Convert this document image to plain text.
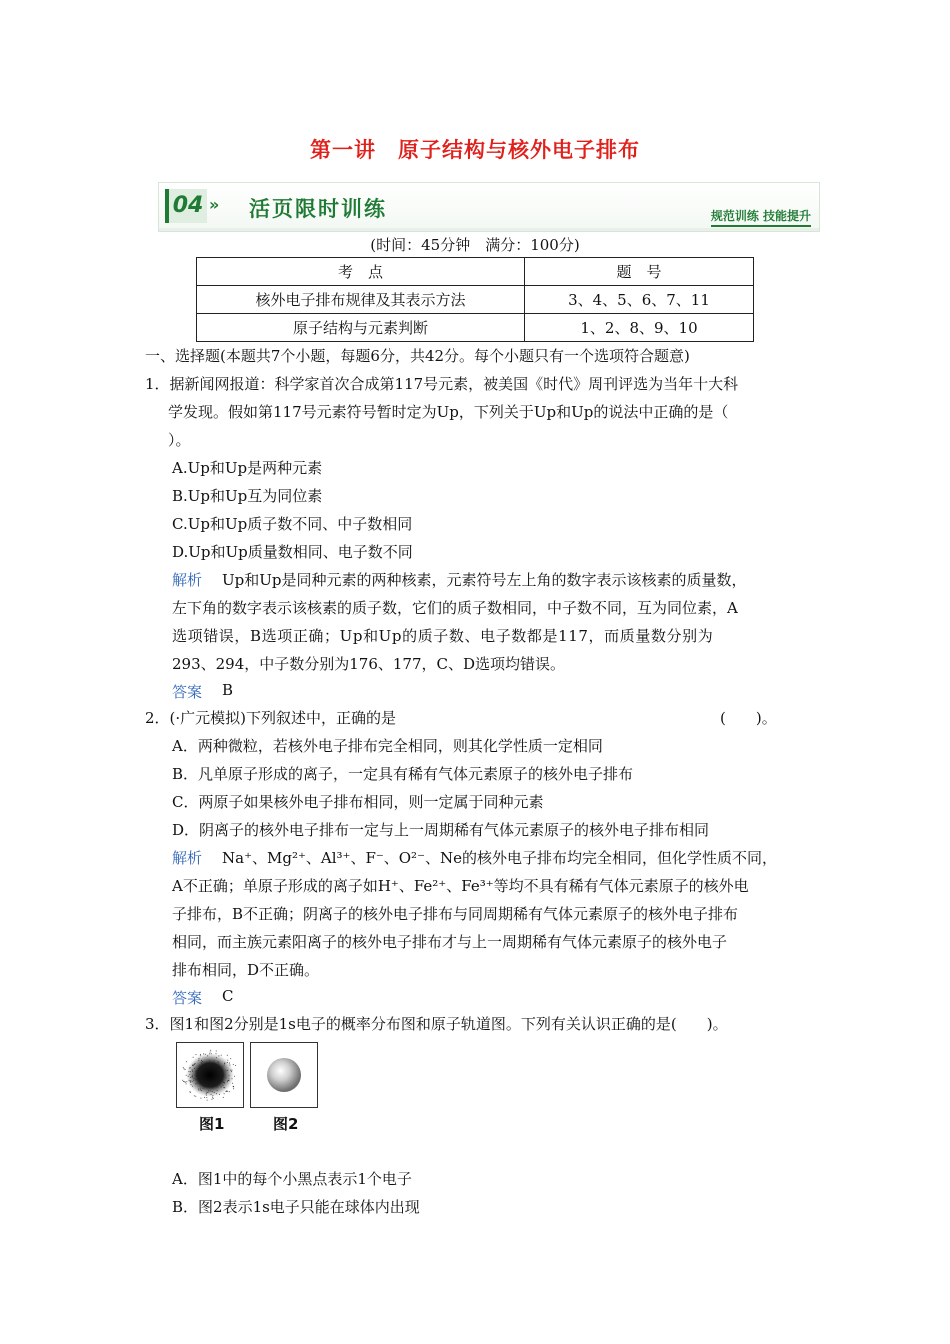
第一讲　原子结构与核外电子排布
04 » 活页限时训练	规范训练 技能提升
(时间：45分钟　满分：100分)
考　点	题　号
核外电子排布规律及其表示方法	3、4、5、6、7、11
原子结构与元素判断	1、2、8、9、10
一、选择题(本题共7个小题，每题6分，共42分。每个小题只有一个选项符合题意)
1．据新闻网报道：科学家首次合成第117号元素，被美国《时代》周刊评选为当年十大科
学发现。假如第117号元素符号暂时定为Up，下列关于Up和Up的说法中正确的是（
）。
A.Up和Up是两种元素
B.Up和Up互为同位素
C.Up和Up质子数不同、中子数相同
D.Up和Up质量数相同、电子数不同
解析 Up和Up是同种元素的两种核素，元素符号左上角的数字表示该核素的质量数，
左下角的数字表示该核素的质子数，它们的质子数相同，中子数不同，互为同位素，A
选项错误，B选项正确；Up和Up的质子数、电子数都是117，而质量数分别为
293、294，中子数分别为176、177，C、D选项均错误。
答案 B
2．(·广元模拟)下列叙述中，正确的是	(　　)。
A．两种微粒，若核外电子排布完全相同，则其化学性质一定相同
B．凡单原子形成的离子，一定具有稀有气体元素原子的核外电子排布
C．两原子如果核外电子排布相同，则一定属于同种元素
D．阴离子的核外电子排布一定与上一周期稀有气体元素原子的核外电子排布相同
解析 Na⁺、Mg²⁺、Al³⁺、F⁻、O²⁻、Ne的核外电子排布均完全相同，但化学性质不同，
A不正确；单原子形成的离子如H⁺、Fe²⁺、Fe³⁺等均不具有稀有气体元素原子的核外电
子排布，B不正确；阴离子的核外电子排布与同周期稀有气体元素原子的核外电子排布
相同，而主族元素阳离子的核外电子排布才与上一周期稀有气体元素原子的核外电子
排布相同，D不正确。
答案 C
3．图1和图2分别是1s电子的概率分布图和原子轨道图。下列有关认识正确的是(　　)。
图1	图2
A．图1中的每个小黑点表示1个电子
B．图2表示1s电子只能在球体内出现
